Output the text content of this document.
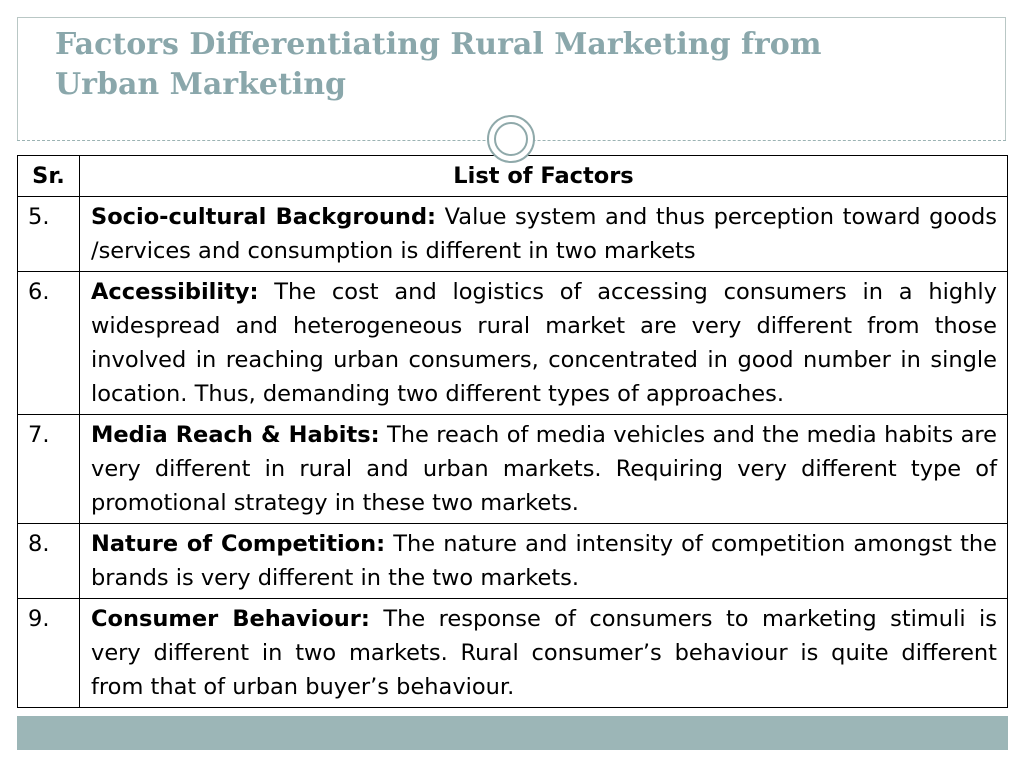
Factors Differentiating Rural Marketing from
Urban Marketing
Sr.	List of Factors
5.	Socio-cultural Background: Value system and thus perception toward goods /services and consumption is different in two markets
6.	Accessibility: The cost and logistics of accessing consumers in a highly widespread and heterogeneous rural market are very different from those involved in reaching urban consumers, concentrated in good number in single location. Thus, demanding two different types of approaches.
7.	Media Reach & Habits: The reach of media vehicles and the media habits are very different in rural and urban markets. Requiring very different type of promotional strategy in these two markets.
8.	Nature of Competition: The nature and intensity of competition amongst the brands is very different in the two markets.
9.	Consumer Behaviour: The response of consumers to marketing stimuli is very different in two markets. Rural consumer’s behaviour is quite different from that of urban buyer’s behaviour.
